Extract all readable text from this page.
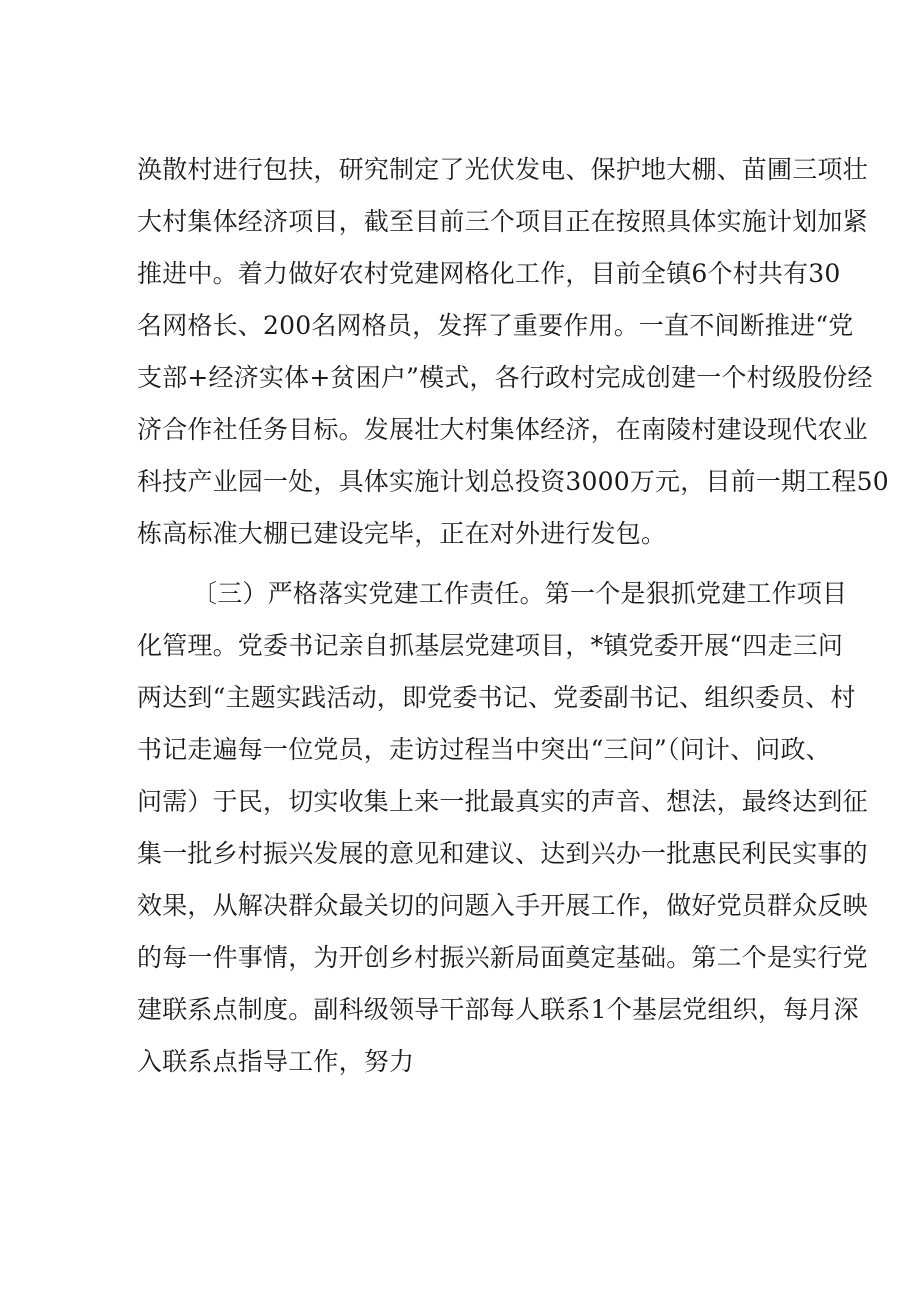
涣散村进行包扶，研究制定了光伏发电、保护地大棚、苗圃三项壮

大村集体经济项目，截至目前三个项目正在按照具体实施计划加紧

推进中。着力做好农村党建网格化工作，目前全镇6个村共有30

名网格长、200名网格员，发挥了重要作用。一直不间断推进“党

支部+经济实体+贫困户”模式，各行政村完成创建一个村级股份经

济合作社任务目标。发展壮大村集体经济，在南陵村建设现代农业

科技产业园一处，具体实施计划总投资3000万元，目前一期工程50

栋高标准大棚已建设完毕，正在对外进行发包。

〔三）严格落实党建工作责任。第一个是狠抓党建工作项目

化管理。党委书记亲自抓基层党建项目，*镇党委开展“四走三问

两达到“主题实践活动，即党委书记、党委副书记、组织委员、村

书记走遍每一位党员，走访过程当中突出“三问”（问计、问政、

问需）于民，切实收集上来一批最真实的声音、想法，最终达到征

集一批乡村振兴发展的意见和建议、达到兴办一批惠民利民实事的

效果，从解决群众最关切的问题入手开展工作，做好党员群众反映

的每一件事情，为开创乡村振兴新局面奠定基础。第二个是实行党

建联系点制度。副科级领导干部每人联系1个基层党组织，每月深

入联系点指导工作，努力
